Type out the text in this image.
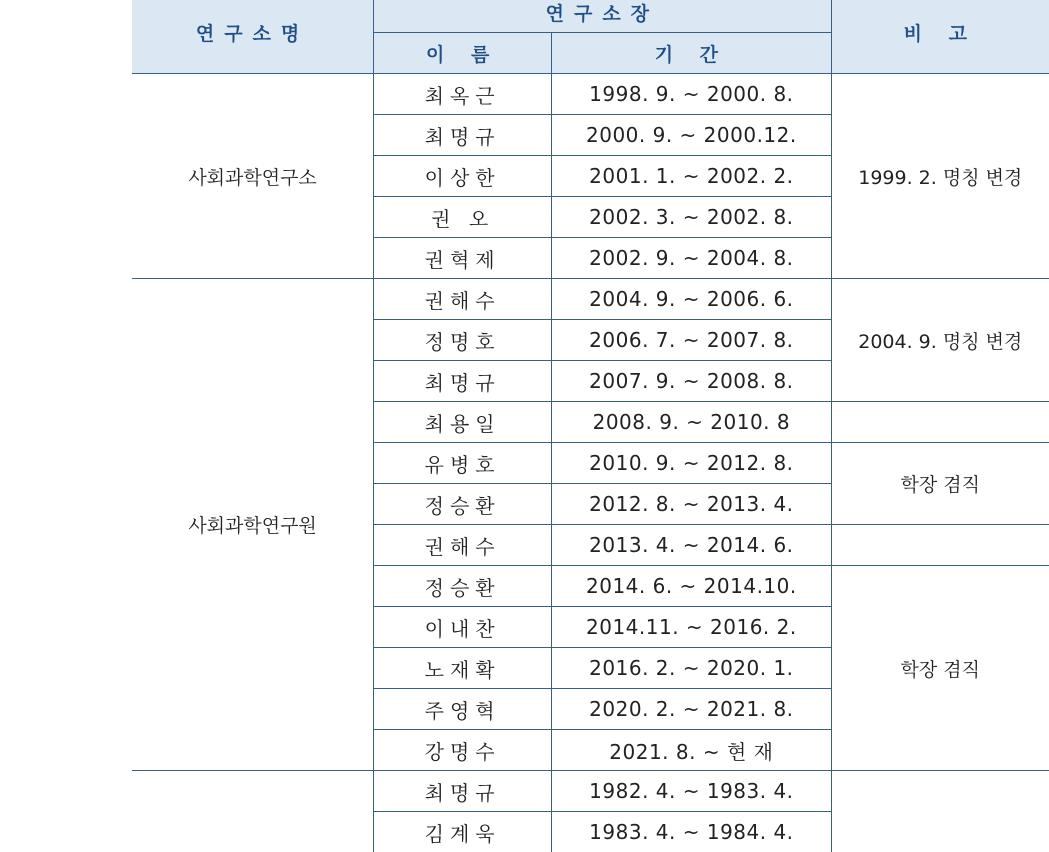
연구소명	연구소장		비 고
	이 름	기 간	
사회과학연구소	최옥근	1998. 9. ~ 2000. 8.	1999. 2. 명칭 변경
	최명규	2000. 9. ~ 2000.12.	
	이상한	2001. 1. ~ 2002. 2.	
	권 오	2002. 3. ~ 2002. 8.	
	권혁제	2002. 9. ~ 2004. 8.	
사회과학연구원	권해수	2004. 9. ~ 2006. 6.	2004. 9. 명칭 변경
	정명호	2006. 7. ~ 2007. 8.	
	최명규	2007. 9. ~ 2008. 8.	
	최용일	2008. 9. ~ 2010. 8	
	유병호	2010. 9. ~ 2012. 8.	학장 겸직
	정승환	2012. 8. ~ 2013. 4.	
	권해수	2013. 4. ~ 2014. 6.	
	정승환	2014. 6. ~ 2014.10.	학장 겸직
	이내찬	2014.11. ~ 2016. 2.	
	노재확	2016. 2. ~ 2020. 1.	
	주영혁	2020. 2. ~ 2021. 8.	
	강명수	2021. 8. ~ 현 재	
	최명규	1982. 4. ~ 1983. 4.	
	김계욱	1983. 4. ~ 1984. 4.	
